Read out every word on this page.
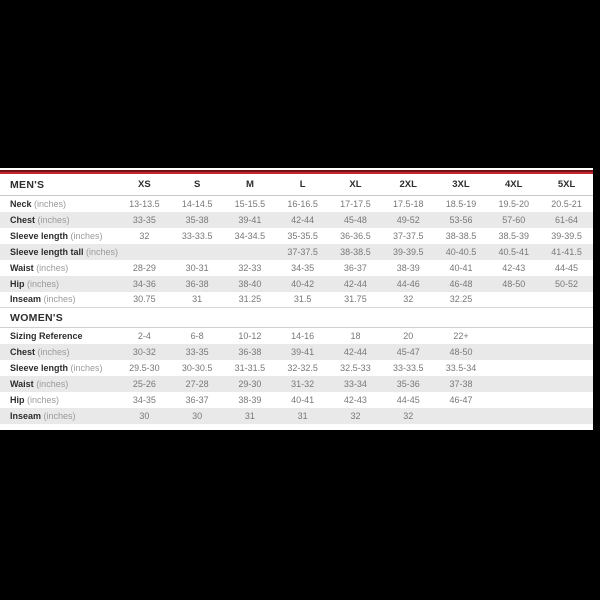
MEN'S	XS	S	M	L	XL	2XL	3XL	4XL	5XL
Neck (inches)	13-13.5	14-14.5	15-15.5	16-16.5	17-17.5	17.5-18	18.5-19	19.5-20	20.5-21
Chest (inches)	33-35	35-38	39-41	42-44	45-48	49-52	53-56	57-60	61-64
Sleeve length (inches)	32	33-33.5	34-34.5	35-35.5	36-36.5	37-37.5	38-38.5	38.5-39	39-39.5
Sleeve length tall (inches)				37-37.5	38-38.5	39-39.5	40-40.5	40.5-41	41-41.5
Waist (inches)	28-29	30-31	32-33	34-35	36-37	38-39	40-41	42-43	44-45
Hip (inches)	34-36	36-38	38-40	40-42	42-44	44-46	46-48	48-50	50-52
Inseam (inches)	30.75	31	31.25	31.5	31.75	32	32.25		
WOMEN'S									
Sizing Reference	2-4	6-8	10-12	14-16	18	20	22+		
Chest (inches)	30-32	33-35	36-38	39-41	42-44	45-47	48-50		
Sleeve length (inches)	29.5-30	30-30.5	31-31.5	32-32.5	32.5-33	33-33.5	33.5-34		
Waist (inches)	25-26	27-28	29-30	31-32	33-34	35-36	37-38		
Hip (inches)	34-35	36-37	38-39	40-41	42-43	44-45	46-47		
Inseam (inches)	30	30	31	31	32	32			
